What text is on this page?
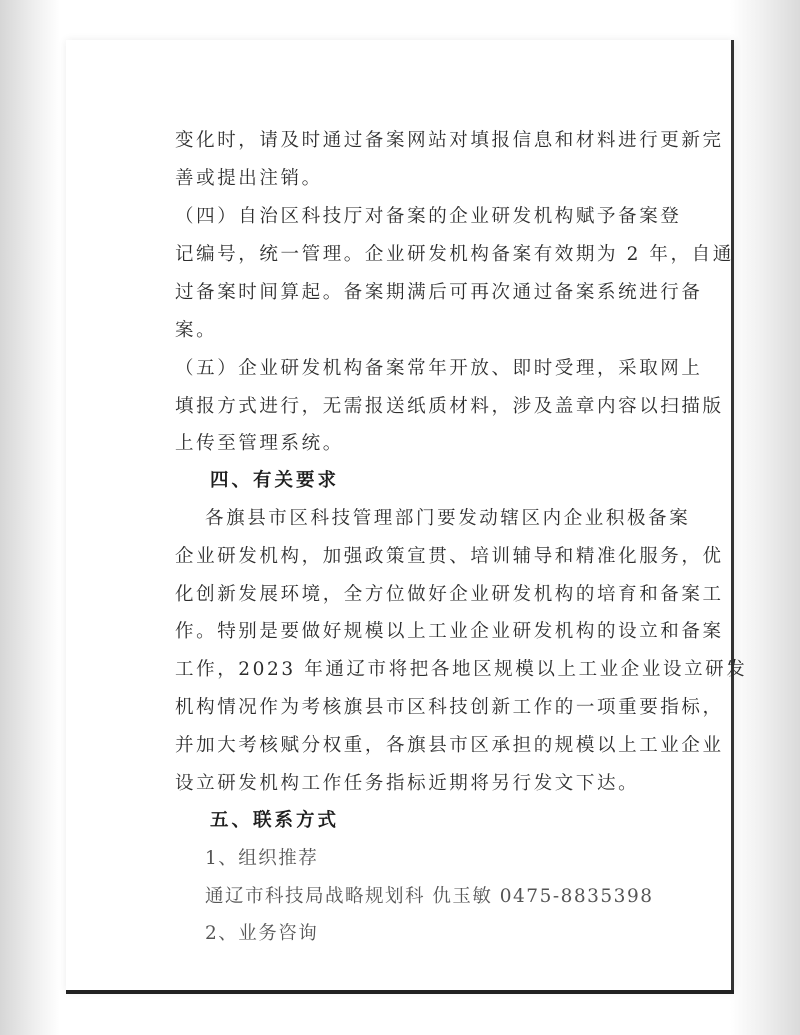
变化时，请及时通过备案网站对填报信息和材料进行更新完
善或提出注销。
（四）自治区科技厅对备案的企业研发机构赋予备案登
记编号，统一管理。企业研发机构备案有效期为 2 年，自通
过备案时间算起。备案期满后可再次通过备案系统进行备
案。
（五）企业研发机构备案常年开放、即时受理，采取网上
填报方式进行，无需报送纸质材料，涉及盖章内容以扫描版
上传至管理系统。
四、有关要求
各旗县市区科技管理部门要发动辖区内企业积极备案
企业研发机构，加强政策宣贯、培训辅导和精准化服务，优
化创新发展环境，全方位做好企业研发机构的培育和备案工
作。特别是要做好规模以上工业企业研发机构的设立和备案
工作，2023 年通辽市将把各地区规模以上工业企业设立研发
机构情况作为考核旗县市区科技创新工作的一项重要指标，
并加大考核赋分权重，各旗县市区承担的规模以上工业企业
设立研发机构工作任务指标近期将另行发文下达。
五、联系方式
1、组织推荐
通辽市科技局战略规划科 仇玉敏 0475-8835398
2、业务咨询
